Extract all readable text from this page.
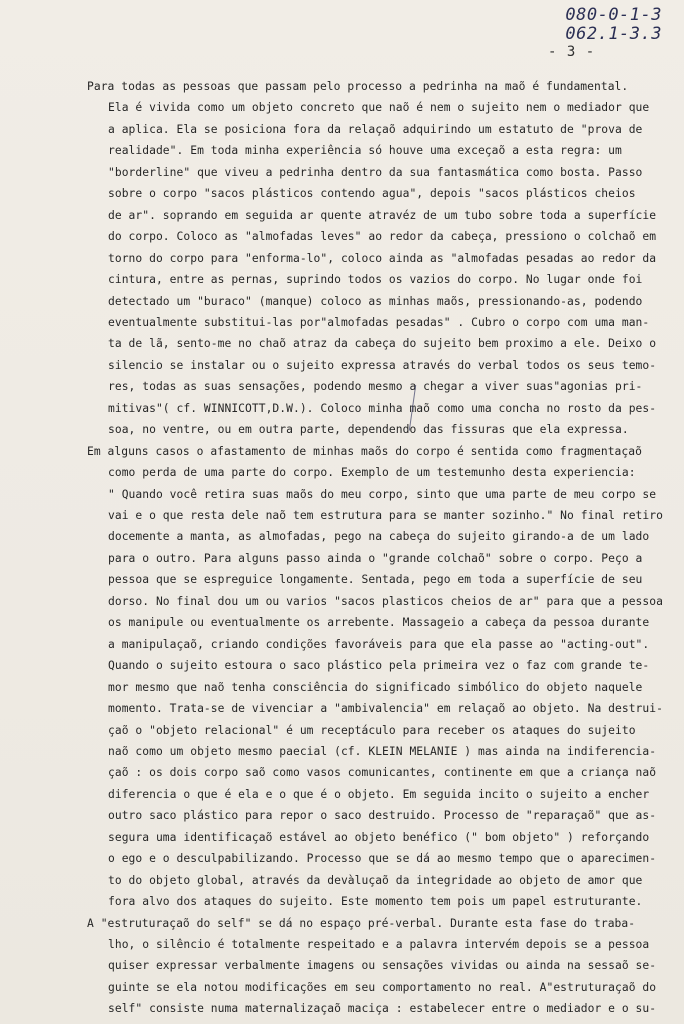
080-0-1-3
062.1-3.3
- 3 -
Para todas as pessoas que passam pelo processo a pedrinha na maõ é fundamental.
Ela é vivida como um objeto concreto que naõ é nem o sujeito nem o mediador que
a aplica. Ela se posiciona fora da relaçaõ adquirindo um estatuto de "prova de
realidade". Em toda minha experiência só houve uma exceçaõ a esta regra: um
"borderline" que viveu a pedrinha dentro da sua fantasmática como bosta. Passo
sobre o corpo "sacos plásticos contendo agua", depois "sacos plásticos cheios
de ar". soprando em seguida ar quente atravéz de um tubo sobre toda a superfície
do corpo. Coloco as "almofadas leves" ao redor da cabeça, pressiono o colchaõ em
torno do corpo para "enforma-lo", coloco ainda as "almofadas pesadas ao redor da
cintura, entre as pernas, suprindo todos os vazios do corpo. No lugar onde foi
detectado um "buraco" (manque) coloco as minhas maõs, pressionando-as, podendo
eventualmente substitui-las por"almofadas pesadas" . Cubro o corpo com uma man-
ta de lã, sento-me no chaõ atraz da cabeça do sujeito bem proximo a ele. Deixo o
silencio se instalar ou o sujeito expressa através do verbal todos os seus temo-
res, todas as suas sensações, podendo mesmo a chegar a viver suas"agonias pri-
mitivas"( cf. WINNICOTT,D.W.). Coloco minha maõ como uma concha no rosto da pes-
soa, no ventre, ou em outra parte, dependendo das fissuras que ela expressa.
Em alguns casos o afastamento de minhas maõs do corpo é sentida como fragmentaçaõ
como perda de uma parte do corpo. Exemplo de um testemunho desta experiencia:
" Quando você retira suas maõs do meu corpo, sinto que uma parte de meu corpo se
vai e o que resta dele naõ tem estrutura para se manter sozinho." No final retiro
docemente a manta, as almofadas, pego na cabeça do sujeito girando-a de um lado
para o outro. Para alguns passo ainda o "grande colchaõ" sobre o corpo. Peço a
pessoa que se espreguice longamente. Sentada, pego em toda a superfície de seu
dorso. No final dou um ou varios "sacos plasticos cheios de ar" para que a pessoa
os manipule ou eventualmente os arrebente. Massageio a cabeça da pessoa durante
a manipulaçaõ, criando condições favoráveis para que ela passe ao "acting-out".
Quando o sujeito estoura o saco plástico pela primeira vez o faz com grande te-
mor mesmo que naõ tenha consciência do significado simbólico do objeto naquele
momento. Trata-se de vivenciar a "ambivalencia" em relaçaõ ao objeto. Na destrui-
çaõ o "objeto relacional" é um receptáculo para receber os ataques do sujeito
naõ como um objeto mesmo paecial (cf. KLEIN MELANIE ) mas ainda na indiferencia-
çaõ : os dois corpo saõ como vasos comunicantes, continente em que a criança naõ
diferencia o que é ela e o que é o objeto. Em seguida incito o sujeito a encher
outro saco plástico para repor o saco destruido. Processo de "reparaçaõ" que as-
segura uma identificaçaõ estável ao objeto benéfico (" bom objeto" ) reforçando
o ego e o desculpabilizando. Processo que se dá ao mesmo tempo que o aparecimen-
to do objeto global, através da devàluçaõ da integridade ao objeto de amor que
fora alvo dos ataques do sujeito. Este momento tem pois um papel estruturante.
A "estruturaçaõ do self" se dá no espaço pré-verbal. Durante esta fase do traba-
lho, o silêncio é totalmente respeitado e a palavra intervém depois se a pessoa
quiser expressar verbalmente imagens ou sensações vividas ou ainda na sessaõ se-
guinte se ela notou modificações em seu comportamento no real. A"estruturaçaõ do
self" consiste numa maternalizaçaõ maciça : estabelecer entre o mediador e o su-
